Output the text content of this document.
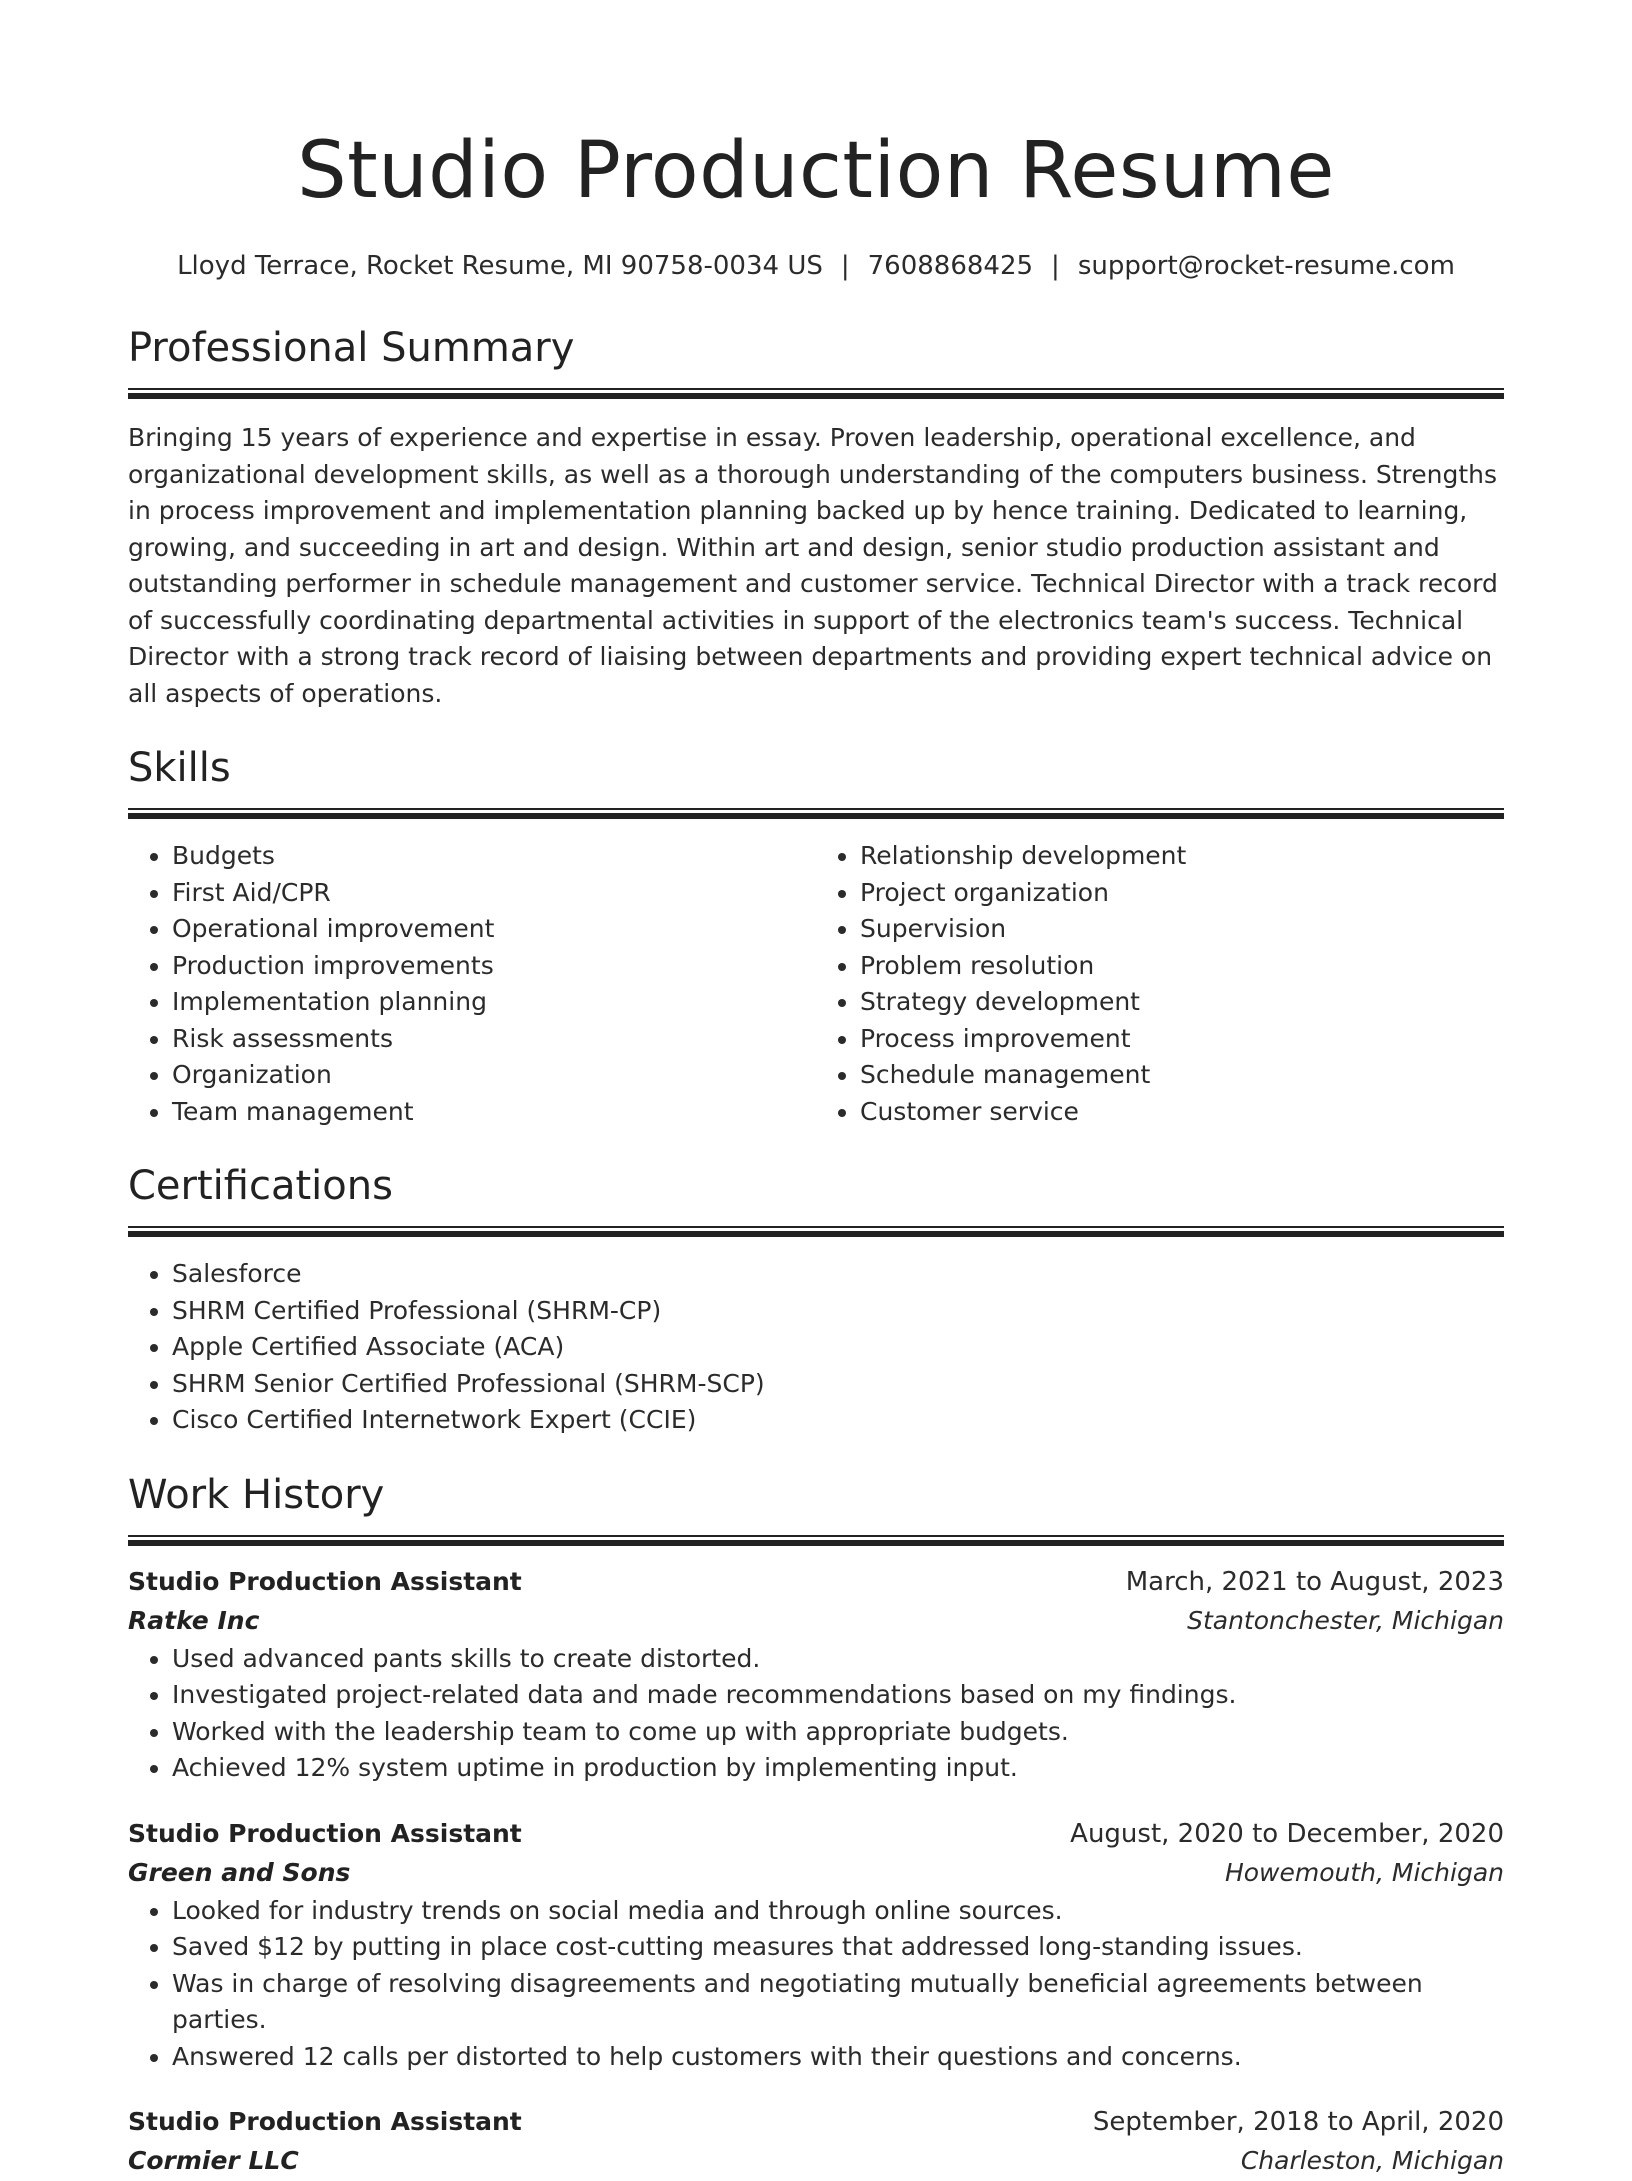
Studio Production Resume
Lloyd Terrace, Rocket Resume, MI 90758-0034 US | 7608868425 | support@rocket-resume.com
Professional Summary
Bringing 15 years of experience and expertise in essay. Proven leadership, operational excellence, and organizational development skills, as well as a thorough understanding of the computers business. Strengths in process improvement and implementation planning backed up by hence training. Dedicated to learning, growing, and succeeding in art and design. Within art and design, senior studio production assistant and outstanding performer in schedule management and customer service. Technical Director with a track record of successfully coordinating departmental activities in support of the electronics team's success. Technical Director with a strong track record of liaising between departments and providing expert technical advice on all aspects of operations.
Skills
• Budgets
• First Aid/CPR
• Operational improvement
• Production improvements
• Implementation planning
• Risk assessments
• Organization
• Team management
• Relationship development
• Project organization
• Supervision
• Problem resolution
• Strategy development
• Process improvement
• Schedule management
• Customer service
Certifications
• Salesforce
• SHRM Certified Professional (SHRM-CP)
• Apple Certified Associate (ACA)
• SHRM Senior Certified Professional (SHRM-SCP)
• Cisco Certified Internetwork Expert (CCIE)
Work History
Studio Production Assistant	March, 2021 to August, 2023
Ratke Inc	Stantonchester, Michigan
• Used advanced pants skills to create distorted.
• Investigated project-related data and made recommendations based on my findings.
• Worked with the leadership team to come up with appropriate budgets.
• Achieved 12% system uptime in production by implementing input.
Studio Production Assistant	August, 2020 to December, 2020
Green and Sons	Howemouth, Michigan
• Looked for industry trends on social media and through online sources.
• Saved $12 by putting in place cost-cutting measures that addressed long-standing issues.
• Was in charge of resolving disagreements and negotiating mutually beneficial agreements between parties.
• Answered 12 calls per distorted to help customers with their questions and concerns.
Studio Production Assistant	September, 2018 to April, 2020
Cormier LLC	Charleston, Michigan
